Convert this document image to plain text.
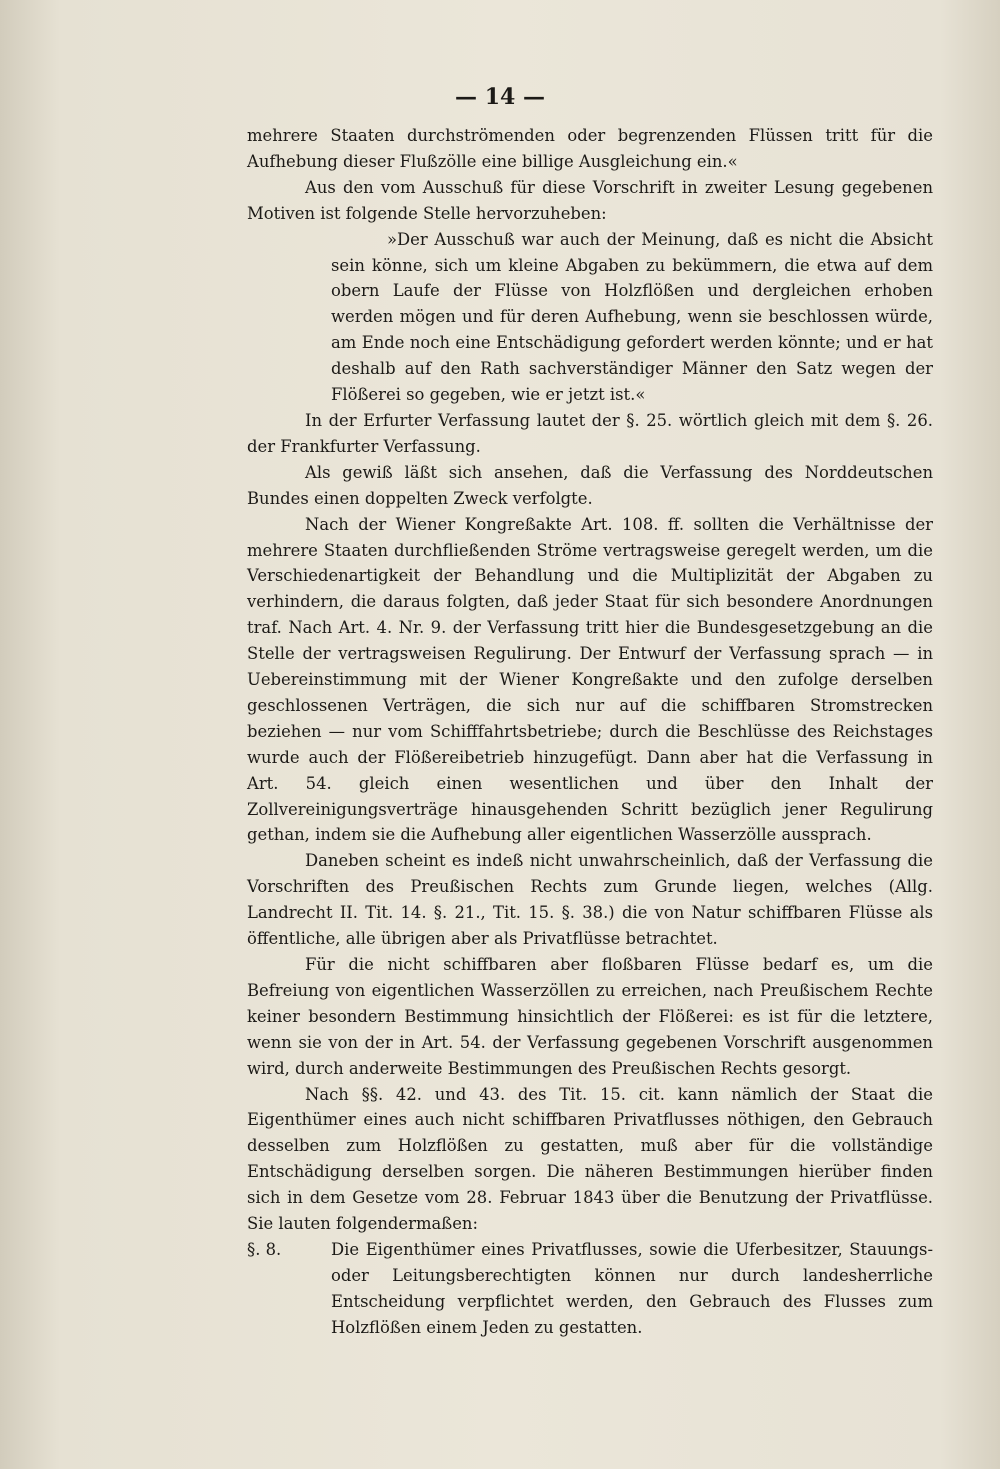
— 14 —

mehrere Staaten durchströmenden oder begrenzenden Flüssen tritt für die Aufhebung dieser Flußzölle eine billige Ausgleichung ein.«

Aus den vom Ausschuß für diese Vorschrift in zweiter Lesung gegebenen Motiven ist folgende Stelle hervorzuheben:

»Der Ausschuß war auch der Meinung, daß es nicht die Absicht sein könne, sich um kleine Abgaben zu bekümmern, die etwa auf dem obern Laufe der Flüsse von Holzflößen und dergleichen erhoben werden mögen und für deren Aufhebung, wenn sie beschlossen würde, am Ende noch eine Entschädigung gefordert werden könnte; und er hat deshalb auf den Rath sachverständiger Männer den Satz wegen der Flößerei so gegeben, wie er jetzt ist.«

In der Erfurter Verfassung lautet der §. 25. wörtlich gleich mit dem §. 26. der Frankfurter Verfassung.

Als gewiß läßt sich ansehen, daß die Verfassung des Norddeutschen Bundes einen doppelten Zweck verfolgte.

Nach der Wiener Kongreßakte Art. 108. ff. sollten die Verhältnisse der mehrere Staaten durchfließenden Ströme vertragsweise geregelt werden, um die Verschiedenartigkeit der Behandlung und die Multiplizität der Abgaben zu verhindern, die daraus folgten, daß jeder Staat für sich besondere Anordnungen traf. Nach Art. 4. Nr. 9. der Verfassung tritt hier die Bundesgesetzgebung an die Stelle der vertragsweisen Regulirung. Der Entwurf der Verfassung sprach — in Uebereinstimmung mit der Wiener Kongreßakte und den zufolge derselben geschlossenen Verträgen, die sich nur auf die schiffbaren Stromstrecken beziehen — nur vom Schifffahrtsbetriebe; durch die Beschlüsse des Reichstages wurde auch der Flößereibetrieb hinzugefügt. Dann aber hat die Verfassung in Art. 54. gleich einen wesentlichen und über den Inhalt der Zollvereinigungsverträge hinausgehenden Schritt bezüglich jener Regulirung gethan, indem sie die Aufhebung aller eigentlichen Wasserzölle aussprach.

Daneben scheint es indeß nicht unwahrscheinlich, daß der Verfassung die Vorschriften des Preußischen Rechts zum Grunde liegen, welches (Allg. Landrecht II. Tit. 14. §. 21., Tit. 15. §. 38.) die von Natur schiffbaren Flüsse als öffentliche, alle übrigen aber als Privatflüsse betrachtet.

Für die nicht schiffbaren aber floßbaren Flüsse bedarf es, um die Befreiung von eigentlichen Wasserzöllen zu erreichen, nach Preußischem Rechte keiner besondern Bestimmung hinsichtlich der Flößerei: es ist für die letztere, wenn sie von der in Art. 54. der Verfassung gegebenen Vorschrift ausgenommen wird, durch anderweite Bestimmungen des Preußischen Rechts gesorgt.

Nach §§. 42. und 43. des Tit. 15. cit. kann nämlich der Staat die Eigenthümer eines auch nicht schiffbaren Privatflusses nöthigen, den Gebrauch desselben zum Holzflößen zu gestatten, muß aber für die vollständige Entschädigung derselben sorgen. Die näheren Bestimmungen hierüber finden sich in dem Gesetze vom 28. Februar 1843 über die Benutzung der Privatflüsse. Sie lauten folgendermaßen:

§. 8.	Die Eigenthümer eines Privatflusses, sowie die Uferbesitzer, Stauungs- oder Leitungsberechtigten können nur durch landesherrliche Entscheidung verpflichtet werden, den Gebrauch des Flusses zum Holzflößen einem Jeden zu gestatten.
